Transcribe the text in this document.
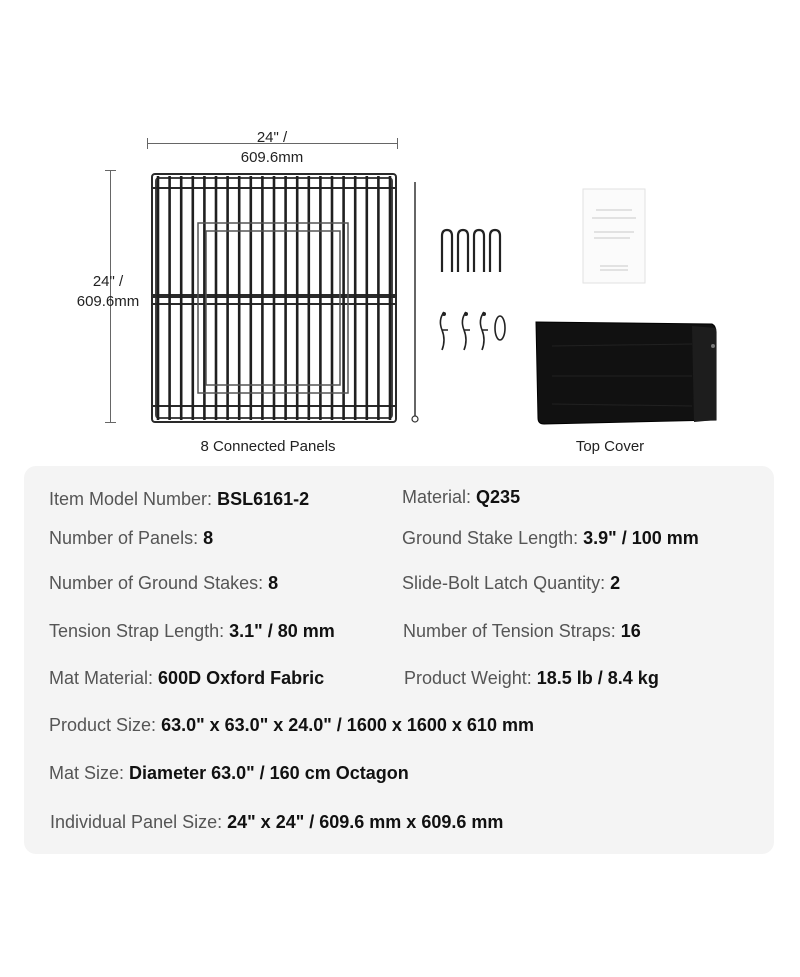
24" /
609.6mm
24" /
609.6mm
8 Connected Panels	Top Cover
Item Model Number: BSL6161-2	Material: Q235
Number of Panels: 8	Ground Stake Length: 3.9" / 100 mm
Number of Ground Stakes: 8	Slide-Bolt Latch Quantity: 2
Tension Strap Length: 3.1" / 80 mm	Number of Tension Straps: 16
Mat Material: 600D Oxford Fabric	Product Weight: 18.5 lb / 8.4 kg
Product Size: 63.0" x 63.0" x 24.0" / 1600 x 1600 x 610 mm
Mat Size: Diameter 63.0" / 160 cm Octagon
Individual Panel Size: 24" x 24" / 609.6 mm x 609.6 mm
